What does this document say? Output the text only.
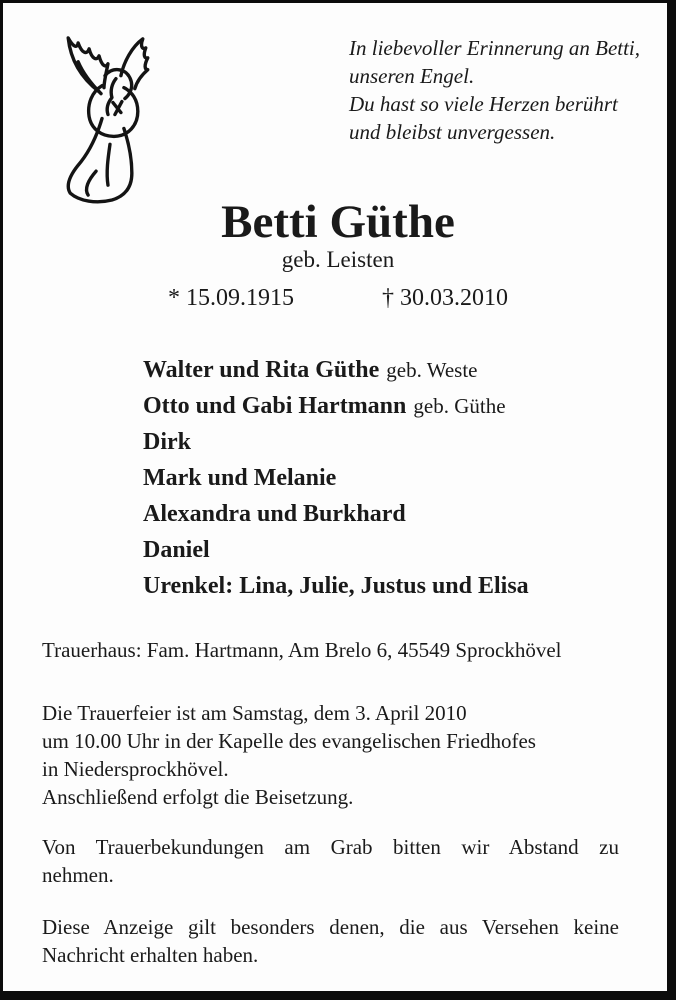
In liebevoller Erinnerung an Betti,
unseren Engel.
Du hast so viele Herzen berührt
und bleibst unvergessen.
Betti Güthe
geb. Leisten
* 15.09.1915	† 30.03.2010
Walter und Rita Güthe geb. Weste
Otto und Gabi Hartmann geb. Güthe
Dirk
Mark und Melanie
Alexandra und Burkhard
Daniel
Urenkel: Lina, Julie, Justus und Elisa
Trauerhaus: Fam. Hartmann, Am Brelo 6, 45549 Sprockhövel
Die Trauerfeier ist am Samstag, dem 3. April 2010
um 10.00 Uhr in der Kapelle des evangelischen Friedhofes
in Niedersprockhövel.
Anschließend erfolgt die Beisetzung.
Von Trauerbekundungen am Grab bitten wir Abstand zu
nehmen.
Diese Anzeige gilt besonders denen, die aus Versehen keine
Nachricht erhalten haben.
